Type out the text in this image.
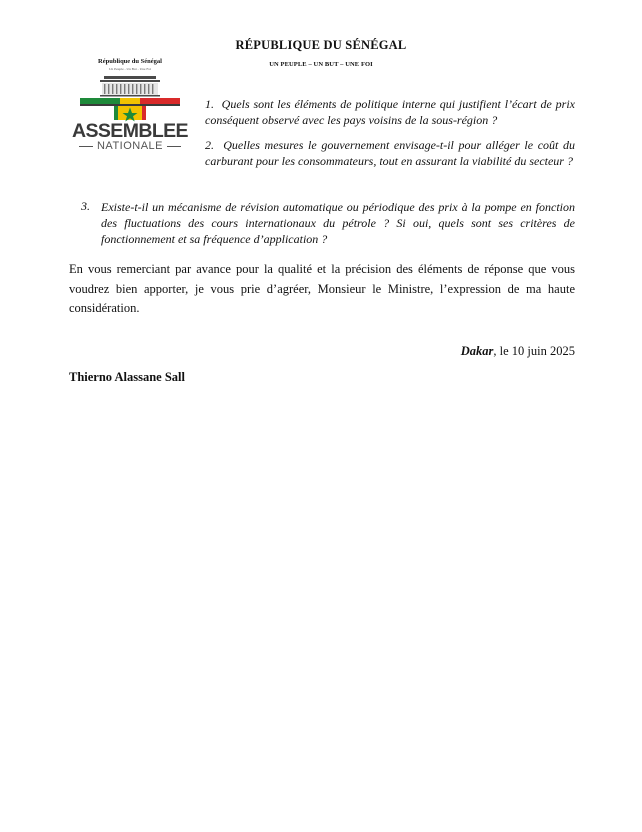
RÉPUBLIQUE DU SÉNÉGAL
UN PEUPLE – UN BUT – UNE FOI
République du Sénégal
Un Peuple - Un But - Une Foi
ASSEMBLEE
NATIONALE
1. Quels sont les éléments de politique interne qui justifient l’écart de prix conséquent observé avec les pays voisins de la sous-région ?
2. Quelles mesures le gouvernement envisage-t-il pour alléger le coût du carburant pour les consommateurs, tout en assurant la viabilité du secteur ?
3. Existe-t-il un mécanisme de révision automatique ou périodique des prix à la pompe en fonction des fluctuations des cours internationaux du pétrole ? Si oui, quels sont ses critères de fonctionnement et sa fréquence d’application ?
En vous remerciant par avance pour la qualité et la précision des éléments de réponse que vous voudrez bien apporter, je vous prie d’agréer, Monsieur le Ministre, l’expression de ma haute considération.
Dakar, le 10 juin 2025
Thierno Alassane Sall
